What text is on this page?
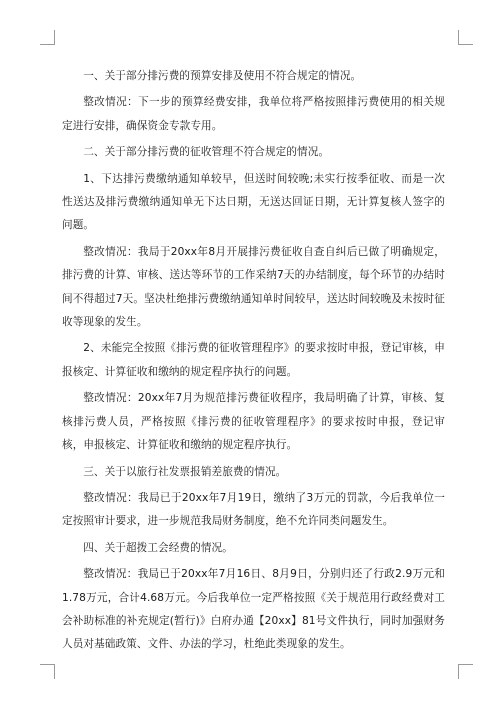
一、关于部分排污费的预算安排及使用不符合规定的情况。

整改情况：下一步的预算经费安排，我单位将严格按照排污费使用的相关规定进行安排，确保资金专款专用。

二、关于部分排污费的征收管理不符合规定的情况。

1、下达排污费缴纳通知单较早，但送时间较晚;未实行按季征收、而是一次性送达及排污费缴纳通知单无下达日期，无送达回证日期，无计算复核人签字的问题。

整改情况：我局于20xx年8月开展排污费征收自查自纠后已做了明确规定，排污费的计算、审核、送达等环节的工作采纳7天的办结制度，每个环节的办结时间不得超过7天。坚决杜绝排污费缴纳通知单时间较早，送达时间较晚及未按时征收等现象的发生。

2、未能完全按照《排污费的征收管理程序》的要求按时申报，登记审核，申报核定、计算征收和缴纳的规定程序执行的问题。

整改情况：20xx年7月为规范排污费征收程序，我局明确了计算，审核、复核排污费人员，严格按照《排污费的征收管理程序》的要求按时申报，登记审核，申报核定、计算征收和缴纳的规定程序执行。

三、关于以旅行社发票报销差旅费的情况。

整改情况：我局已于20xx年7月19日，缴纳了3万元的罚款，今后我单位一定按照审计要求，进一步规范我局财务制度，绝不允许同类问题发生。

四、关于超拨工会经费的情况。

整改情况：我局已于20xx年7月16日、8月9日，分别归还了行政2.9万元和1.78万元，合计4.68万元。今后我单位一定严格按照《关于规范用行政经费对工会补助标准的补充规定(暂行)》白府办通【20xx】81号文件执行，同时加强财务人员对基础政策、文件、办法的学习，杜绝此类现象的发生。
